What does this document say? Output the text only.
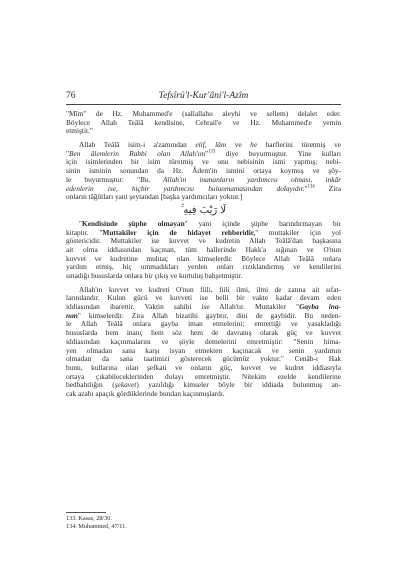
76	Tefsîrü'l-Kur'âni'l-Azîm
"Mîm" de Hz. Muhammed'e (sallallahu aleyhi ve sellem) delalet eder.
Böylece Allah Teâlâ kendisine, Cebrail'e ve Hz. Muhammed'e yemin
etmiştir."
Allah Teâlâ isim-i a'zamından elif, lâm ve he harflerini türetmiş ve
"Ben âlemlerin Rabbi olan Allah'ım"$^{133}$ diye buyurmuştur. Yine kulları
için isimlerinden bir isim türetmiş ve onu nebisinin ismi yapmış; nebi-
sinin isminin sonundan da Hz. Âdem'in ismini ortaya koymuş ve şöy-
le buyurmuştur: "Bu, Allah'ın inananların yardımcısı olması, inkâr
edenlerin ise, hiçbir yardımcısı bulunmamasından dolayıdır."$^{134}$ Zira
onların tâğûtları yani şeytandan [başka yardımcıları yoktur.]
لَا رَيْبَ فِيهِ ۚ
"Kendisinde şüphe olmayan" yani içinde şüphe barındırmayan bir
kitaptır. "Muttakiler için de hidayet rehberidir," muttakiler için yol
göstericidir. Muttakiler ise kuvvet ve kudretin Allah Teâlâ'dan başkasına
ait olma iddiasından kaçınan, tüm hallerinde Hakk'a sığınan ve O'nun
kuvvet ve kudretine muhtaç olan kimselerdir. Böylece Allah Teâlâ onlara
yardım etmiş, hiç ummadıkları yerden onları rızıklandırmış ve kendilerini
sınadığı hususlarda onlara bir çıkış ve kurtuluş bahşetmiştir.
Allah'ın kuvvet ve kudreti O'nun fiili, fiili ilmi, ilmi de zatına ait sıfat-
larındandır. Kulun gücü ve kuvveti ise belli bir vakte kadar devam eden
iddiasından ibarettir. Vaktin sahibi ise Allah'tır. Muttakiler "Gayba ina-
nan" kimselerdir. Zira Allah bizatihi gaybtır, dini de gaybidir. Bu neden-
le Allah Teâlâ onlara gayba iman etmelerini; emrettiği ve yasakladığı
hususlarda hem inanç hem söz hem de davranış olarak güç ve kuvvet
iddiasından kaçınmalarını ve şöyle demelerini emretmiştir: "Senin hima-
yen olmadan sana karşı isyan etmekten kaçınacak ve senin yardımın
olmadan da sana taatimizi gösterecek gücümüz yoktur." Cenâb-ı Hak
bunu, kullarına olan şefkati ve onların güç, kuvvet ve kudret iddiasıyla
ortaya çıkabileceklerinden dolayı emretmiştir. Nitekim ezelde kendilerine
bedbahtlığın (şekavet) yazıldığı kimseler böyle bir iddiada bulunmuş an-
cak azabı apaçık gördüklerinde bundan kaçınmışlardı.
133. Kasas, 28/30.
134. Muhammed, 47/11.
